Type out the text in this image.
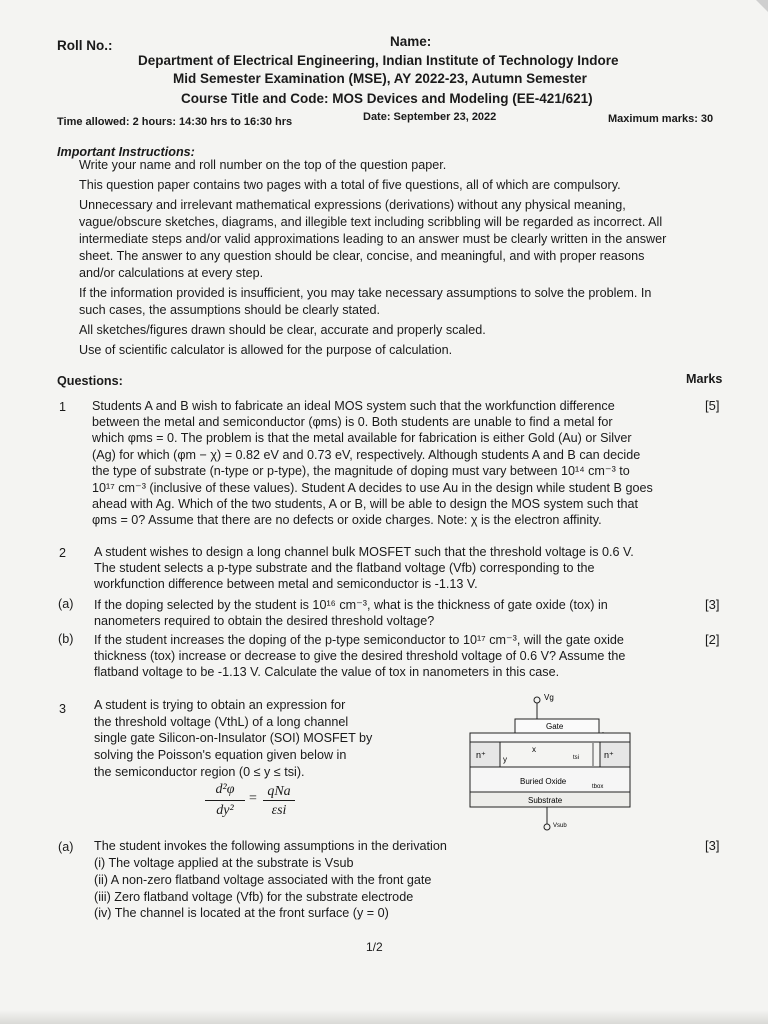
Roll No.:	Name:
Department of Electrical Engineering, Indian Institute of Technology Indore
Mid Semester Examination (MSE), AY 2022-23, Autumn Semester
Course Title and Code: MOS Devices and Modeling (EE-421/621)
Time allowed: 2 hours: 14:30 hrs to 16:30 hrs	Date: September 23, 2022	Maximum marks: 30
Important Instructions:
Write your name and roll number on the top of the question paper.
This question paper contains two pages with a total of five questions, all of which are compulsory.
Unnecessary and irrelevant mathematical expressions (derivations) without any physical meaning,
vague/obscure sketches, diagrams, and illegible text including scribbling will be regarded as incorrect. All
intermediate steps and/or valid approximations leading to an answer must be clearly written in the answer
sheet. The answer to any question should be clear, concise, and meaningful, and with proper reasons
and/or calculations at every step.
If the information provided is insufficient, you may take necessary assumptions to solve the problem. In
such cases, the assumptions should be clearly stated.
All sketches/figures drawn should be clear, accurate and properly scaled.
Use of scientific calculator is allowed for the purpose of calculation.
Questions:	Marks
1	[5]
Students A and B wish to fabricate an ideal MOS system such that the workfunction difference
between the metal and semiconductor (φms) is 0. Both students are unable to find a metal for
which φms = 0. The problem is that the metal available for fabrication is either Gold (Au) or Silver
(Ag) for which (φm − χ) = 0.82 eV and 0.73 eV, respectively. Although students A and B can decide
the type of substrate (n-type or p-type), the magnitude of doping must vary between 10¹⁴ cm⁻³ to
10¹⁷ cm⁻³ (inclusive of these values). Student A decides to use Au in the design while student B goes
ahead with Ag. Which of the two students, A or B, will be able to design the MOS system such that
φms = 0? Assume that there are no defects or oxide charges. Note: χ is the electron affinity.
2 A student wishes to design a long channel bulk MOSFET such that the threshold voltage is 0.6 V.
The student selects a p-type substrate and the flatband voltage (Vfb) corresponding to the
workfunction difference between metal and semiconductor is -1.13 V.
(a)	[3]
If the doping selected by the student is 10¹⁶ cm⁻³, what is the thickness of gate oxide (tox) in
nanometers required to obtain the desired threshold voltage?
(b)	[2]
If the student increases the doping of the p-type semiconductor to 10¹⁷ cm⁻³, will the gate oxide
thickness (tox) increase or decrease to give the desired threshold voltage of 0.6 V? Assume the
flatband voltage to be -1.13 V. Calculate the value of tox in nanometers in this case.
3 A student is trying to obtain an expression for
the threshold voltage (VthL) of a long channel
single gate Silicon-on-Insulator (SOI) MOSFET by
solving the Poisson's equation given below in
the semiconductor region (0 ≤ y ≤ tsi).
d²φ
dy²
= qNa
εsi
Vg
Gate
n⁺	n⁺
y
x
tsi
Buried Oxide
tbox
Substrate
Vsub
(a)	[3]
The student invokes the following assumptions in the derivation
(i) The voltage applied at the substrate is Vsub
(ii) A non-zero flatband voltage associated with the front gate
(iii) Zero flatband voltage (Vfb) for the substrate electrode
(iv) The channel is located at the front surface (y = 0)
1/2
